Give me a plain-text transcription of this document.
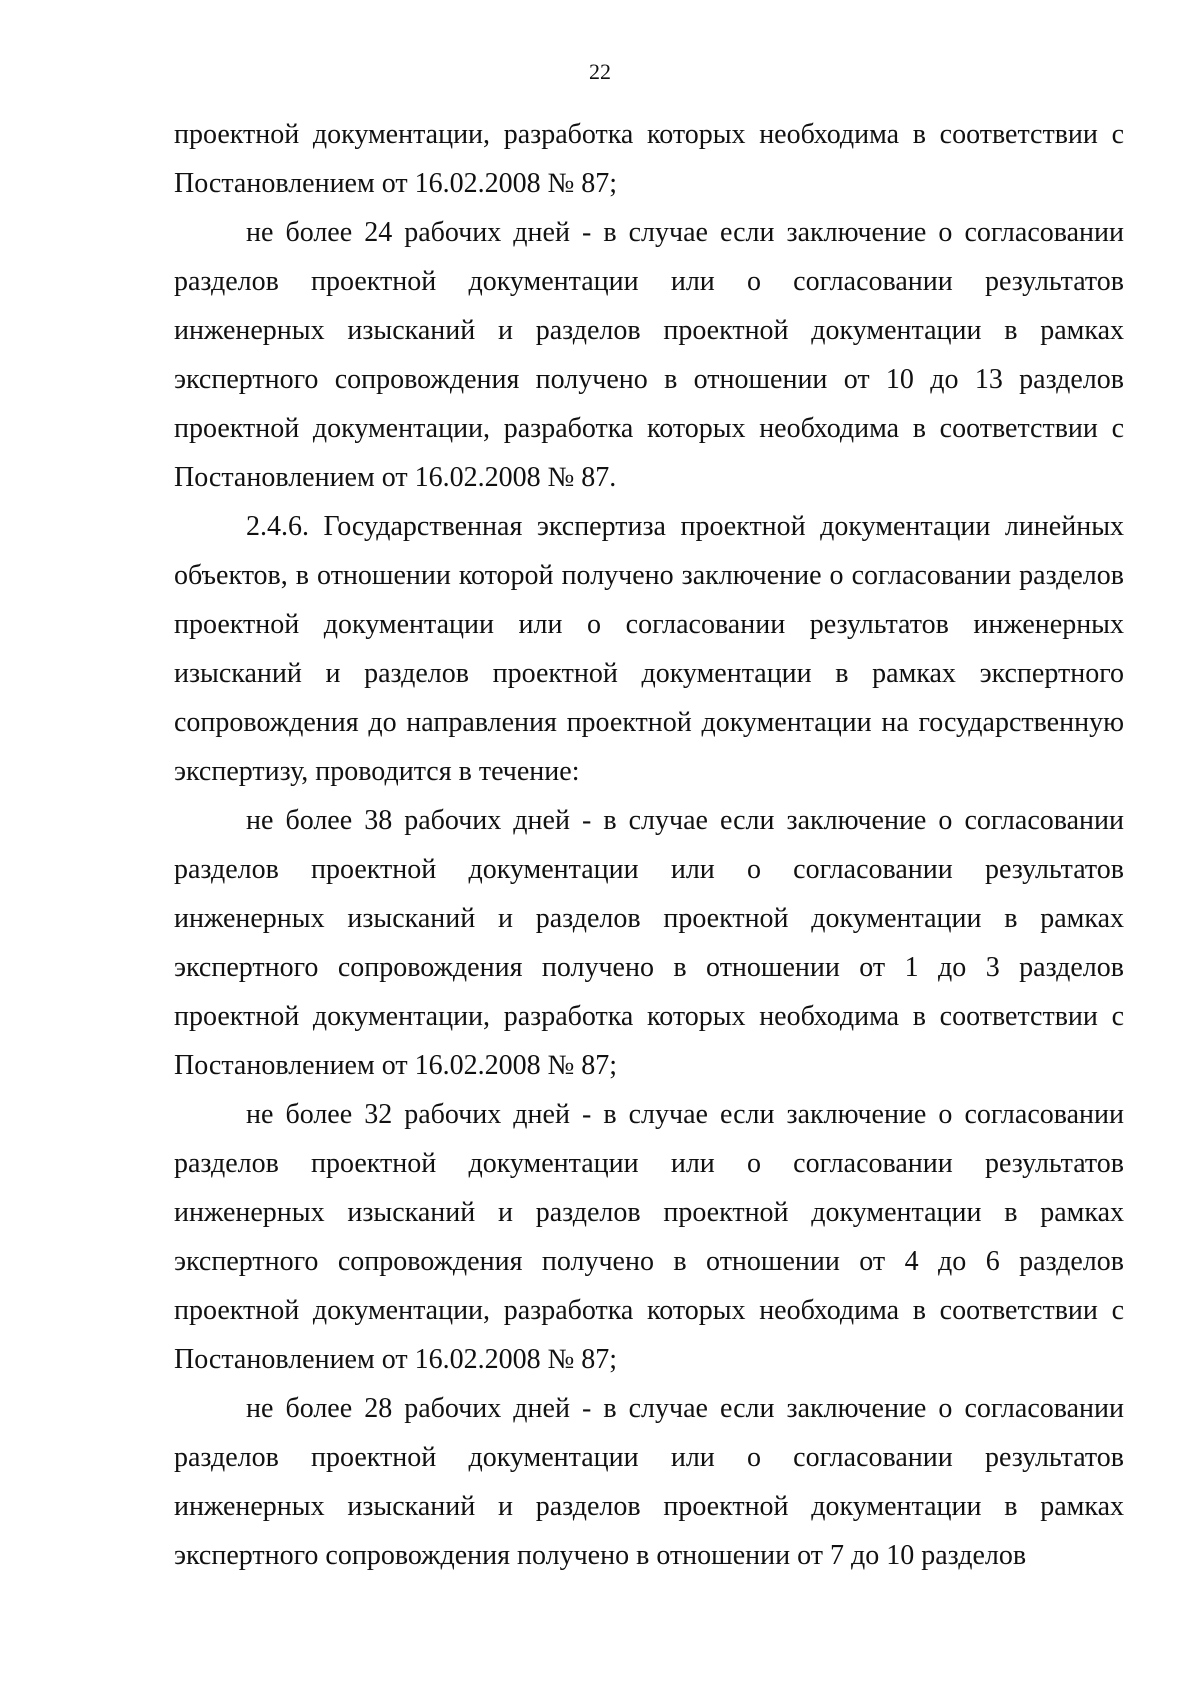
22

проектной документации, разработка которых необходима в соответствии с Постановлением от 16.02.2008 № 87;

не более 24 рабочих дней - в случае если заключение о согласовании разделов проектной документации или о согласовании результатов инженерных изысканий и разделов проектной документации в рамках экспертного сопровождения получено в отношении от 10 до 13 разделов проектной документации, разработка которых необходима в соответствии с Постановлением от 16.02.2008 № 87.

2.4.6. Государственная экспертиза проектной документации линейных объектов, в отношении которой получено заключение о согласовании разделов проектной документации или о согласовании результатов инженерных изысканий и разделов проектной документации в рамках экспертного сопровождения до направления проектной документации на государственную экспертизу, проводится в течение:

не более 38 рабочих дней - в случае если заключение о согласовании разделов проектной документации или о согласовании результатов инженерных изысканий и разделов проектной документации в рамках экспертного сопровождения получено в отношении от 1 до 3 разделов проектной документации, разработка которых необходима в соответствии с Постановлением от 16.02.2008 № 87;

не более 32 рабочих дней - в случае если заключение о согласовании разделов проектной документации или о согласовании результатов инженерных изысканий и разделов проектной документации в рамках экспертного сопровождения получено в отношении от 4 до 6 разделов проектной документации, разработка которых необходима в соответствии с Постановлением от 16.02.2008 № 87;

не более 28 рабочих дней - в случае если заключение о согласовании разделов проектной документации или о согласовании результатов инженерных изысканий и разделов проектной документации в рамках экспертного сопровождения получено в отношении от 7 до 10 разделов
